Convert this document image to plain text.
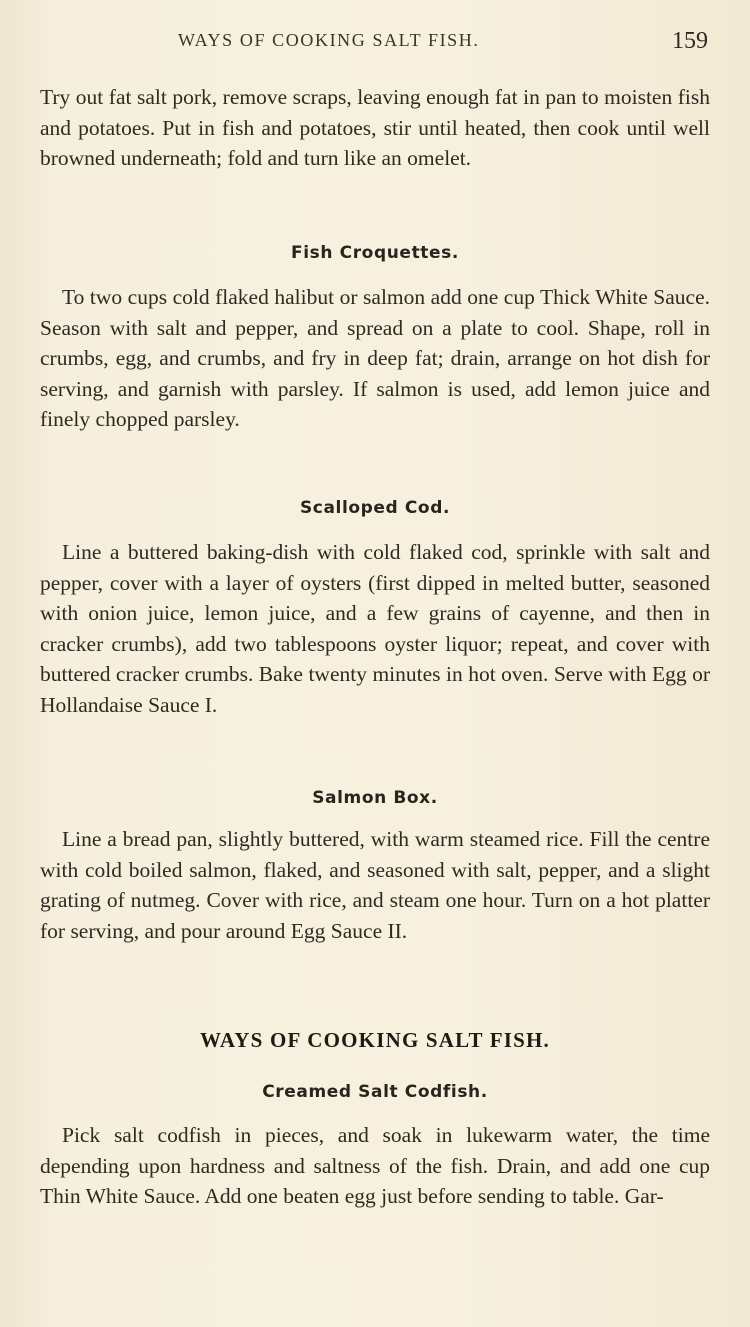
WAYS OF COOKING SALT FISH.	159

Try out fat salt pork, remove scraps, leaving enough fat in pan to moisten fish and potatoes. Put in fish and potatoes, stir until heated, then cook until well browned underneath; fold and turn like an omelet.

Fish Croquettes.

To two cups cold flaked halibut or salmon add one cup Thick White Sauce. Season with salt and pepper, and spread on a plate to cool. Shape, roll in crumbs, egg, and crumbs, and fry in deep fat; drain, arrange on hot dish for serving, and garnish with parsley. If salmon is used, add lemon juice and finely chopped parsley.

Scalloped Cod.

Line a buttered baking-dish with cold flaked cod, sprinkle with salt and pepper, cover with a layer of oysters (first dipped in melted butter, seasoned with onion juice, lemon juice, and a few grains of cayenne, and then in cracker crumbs), add two tablespoons oyster liquor; repeat, and cover with buttered cracker crumbs. Bake twenty minutes in hot oven. Serve with Egg or Hollandaise Sauce I.

Salmon Box.

Line a bread pan, slightly buttered, with warm steamed rice. Fill the centre with cold boiled salmon, flaked, and seasoned with salt, pepper, and a slight grating of nutmeg. Cover with rice, and steam one hour. Turn on a hot platter for serving, and pour around Egg Sauce II.

WAYS OF COOKING SALT FISH.
Creamed Salt Codfish.

Pick salt codfish in pieces, and soak in lukewarm water, the time depending upon hardness and saltness of the fish. Drain, and add one cup Thin White Sauce. Add one beaten egg just before sending to table. Gar-
